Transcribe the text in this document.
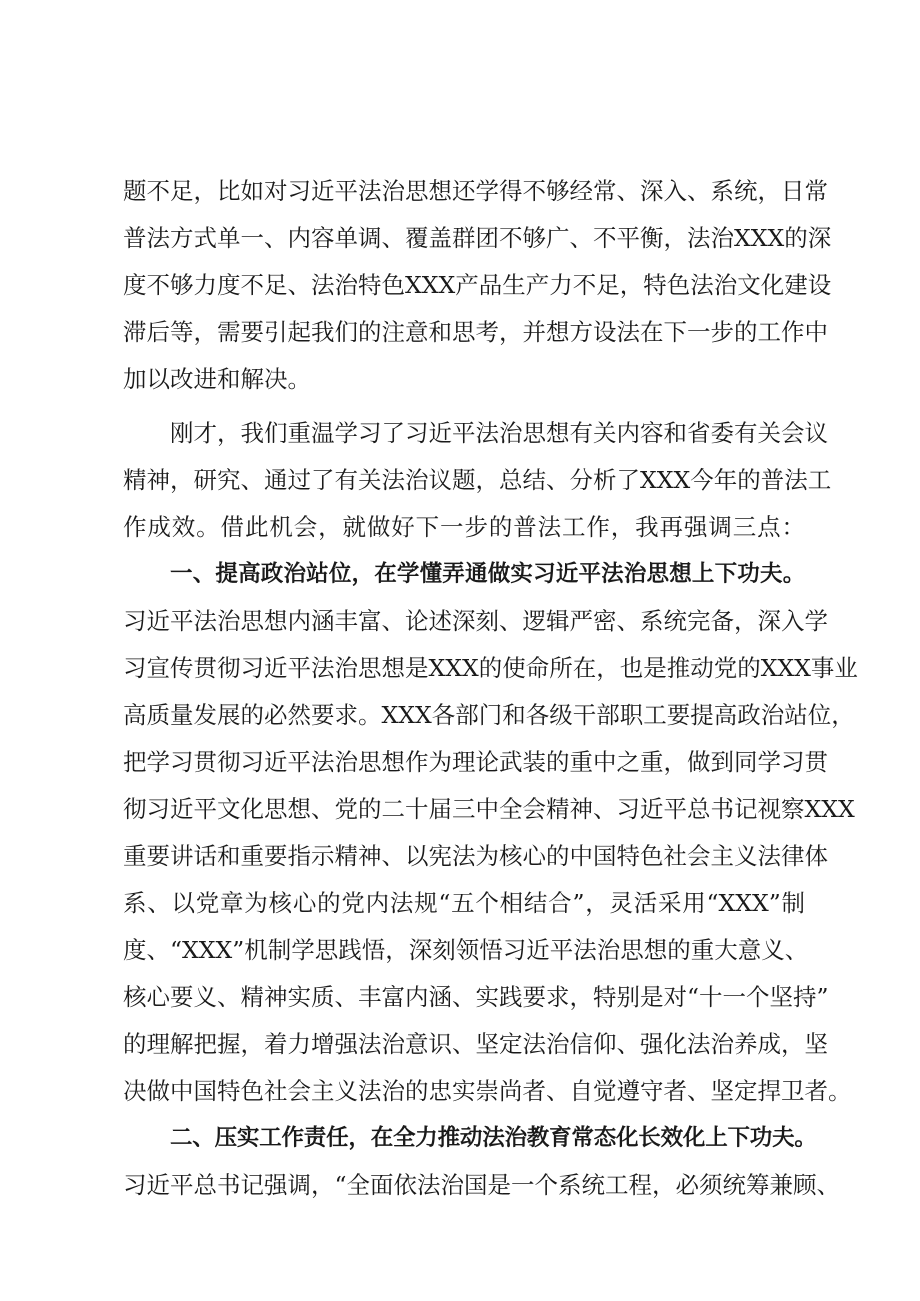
题不足，比如对习近平法治思想还学得不够经常、深入、系统，日常
普法方式单一、内容单调、覆盖群团不够广、不平衡，法治XXX的深
度不够力度不足、法治特色XXX产品生产力不足，特色法治文化建设
滞后等，需要引起我们的注意和思考，并想方设法在下一步的工作中
加以改进和解决。
刚才，我们重温学习了习近平法治思想有关内容和省委有关会议
精神，研究、通过了有关法治议题，总结、分析了XXX今年的普法工
作成效。借此机会，就做好下一步的普法工作，我再强调三点：
一、提高政治站位，在学懂弄通做实习近平法治思想上下功夫。
习近平法治思想内涵丰富、论述深刻、逻辑严密、系统完备，深入学
习宣传贯彻习近平法治思想是XXX的使命所在，也是推动党的XXX事业
高质量发展的必然要求。XXX各部门和各级干部职工要提高政治站位，
把学习贯彻习近平法治思想作为理论武装的重中之重，做到同学习贯
彻习近平文化思想、党的二十届三中全会精神、习近平总书记视察XXX
重要讲话和重要指示精神、以宪法为核心的中国特色社会主义法律体
系、以党章为核心的党内法规“五个相结合”，灵活采用“XXX”制
度、“XXX”机制学思践悟，深刻领悟习近平法治思想的重大意义、
核心要义、精神实质、丰富内涵、实践要求，特别是对“十一个坚持”
的理解把握，着力增强法治意识、坚定法治信仰、强化法治养成，坚
决做中国特色社会主义法治的忠实崇尚者、自觉遵守者、坚定捍卫者。
二、压实工作责任，在全力推动法治教育常态化长效化上下功夫。
习近平总书记强调，“全面依法治国是一个系统工程，必须统筹兼顾、
